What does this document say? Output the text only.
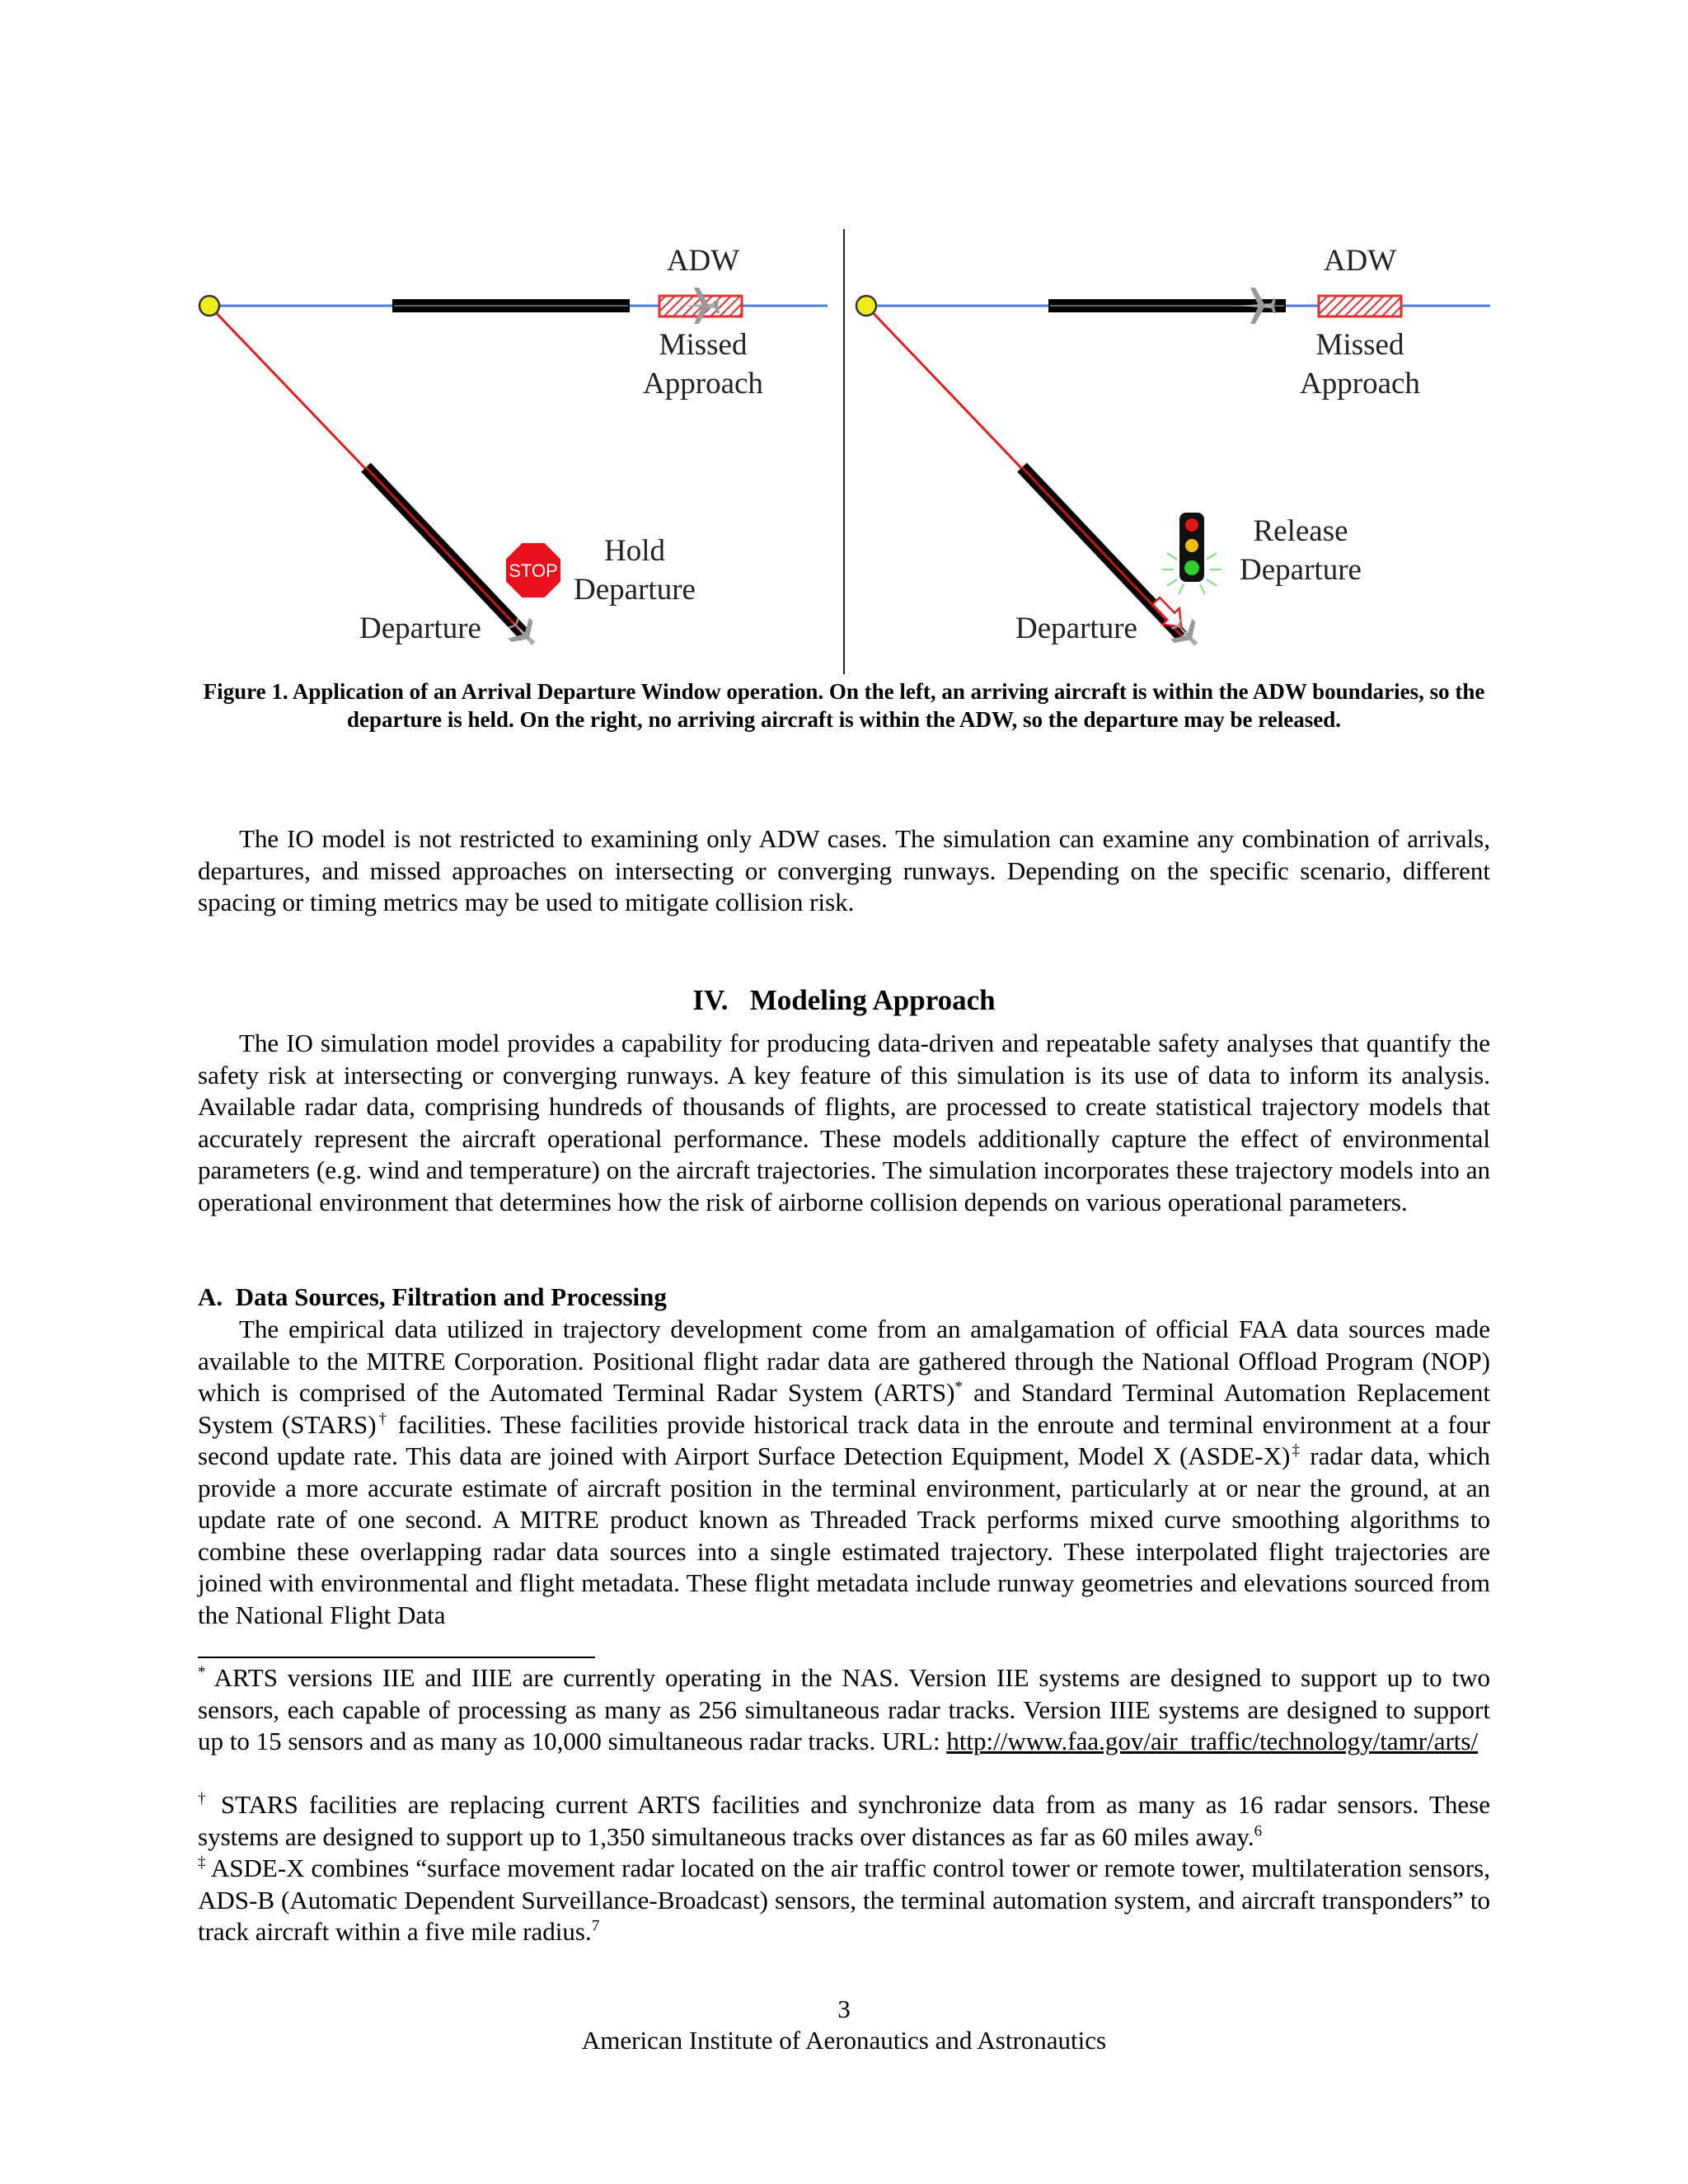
STOP
ADW
Missed
Approach
Hold
Departure
Departure
ADW
Missed
Approach
Release
Departure
Departure
Figure 1. Application of an Arrival Departure Window operation. On the left, an arriving aircraft is within the ADW boundaries, so the departure is held. On the right, no arriving aircraft is within the ADW, so the departure may be released.

The IO model is not restricted to examining only ADW cases. The simulation can examine any combination of arrivals, departures, and missed approaches on intersecting or converging runways. Depending on the specific scenario, different spacing or timing metrics may be used to mitigate collision risk.

IV.   Modeling Approach

The IO simulation model provides a capability for producing data-driven and repeatable safety analyses that quantify the safety risk at intersecting or converging runways. A key feature of this simulation is its use of data to inform its analysis. Available radar data, comprising hundreds of thousands of flights, are processed to create statistical trajectory models that accurately represent the aircraft operational performance. These models additionally capture the effect of environmental parameters (e.g. wind and temperature) on the aircraft trajectories. The simulation incorporates these trajectory models into an operational environment that determines how the risk of airborne collision depends on various operational parameters.

A.  Data Sources, Filtration and Processing

The empirical data utilized in trajectory development come from an amalgamation of official FAA data sources made available to the MITRE Corporation. Positional flight radar data are gathered through the National Offload Program (NOP) which is comprised of the Automated Terminal Radar System (ARTS)* and Standard Terminal Automation Replacement System (STARS)† facilities. These facilities provide historical track data in the enroute and terminal environment at a four second update rate. This data are joined with Airport Surface Detection Equipment, Model X (ASDE-X)‡ radar data, which provide a more accurate estimate of aircraft position in the terminal environment, particularly at or near the ground, at an update rate of one second. A MITRE product known as Threaded Track performs mixed curve smoothing algorithms to combine these overlapping radar data sources into a single estimated trajectory. These interpolated flight trajectories are joined with environmental and flight metadata. These flight metadata include runway geometries and elevations sourced from the National Flight Data

* ARTS versions IIE and IIIE are currently operating in the NAS. Version IIE systems are designed to support up to two sensors, each capable of processing as many as 256 simultaneous radar tracks. Version IIIE systems are designed to support up to 15 sensors and as many as 10,000 simultaneous radar tracks. URL: http://www.faa.gov/air_traffic/technology/tamr/arts/

† STARS facilities are replacing current ARTS facilities and synchronize data from as many as 16 radar sensors. These systems are designed to support up to 1,350 simultaneous tracks over distances as far as 60 miles away.$^6$

‡ ASDE-X combines “surface movement radar located on the air traffic control tower or remote tower, multilateration sensors, ADS-B (Automatic Dependent Surveillance-Broadcast) sensors, the terminal automation system, and aircraft transponders” to track aircraft within a five mile radius.$^7$

3
American Institute of Aeronautics and Astronautics
